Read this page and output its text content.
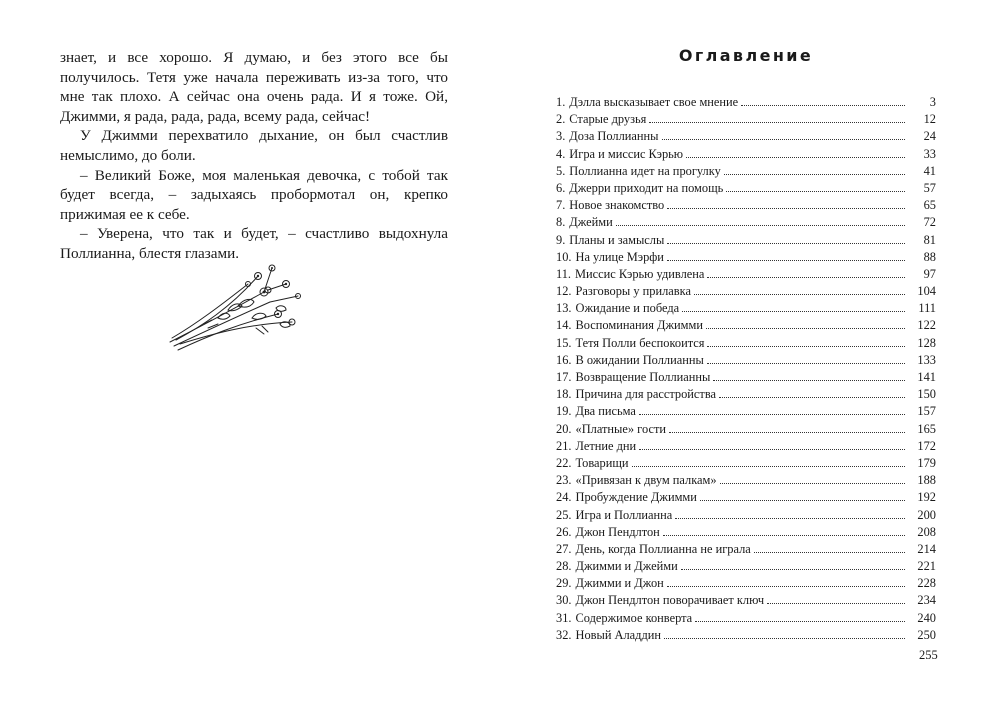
знает, и все хорошо. Я думаю, и без этого все бы получилось. Тетя уже начала переживать из-за того, что мне так плохо. А сейчас она очень рада. И я тоже. Ой, Джимми, я рада, рада, рада, всему рада, сейчас!

У Джимми перехватило дыхание, он был счастлив немыслимо, до боли.

– Великий Боже, моя маленькая девочка, с тобой так будет всегда, – задыхаясь пробормотал он, крепко прижимая ее к себе.

– Уверена, что так и будет, – счастливо выдохнула Поллианна, блестя глазами.

Оглавление
1. Дэлла высказывает свое мнение	3
2. Старые друзья	12
3. Доза Поллианны	24
4. Игра и миссис Кэрью	33
5. Поллианна идет на прогулку	41
6. Джерри приходит на помощь	57
7. Новое знакомство	65
8. Джейми	72
9. Планы и замыслы	81
10. На улице Мэрфи	88
11. Миссис Кэрью удивлена	97
12. Разговоры у прилавка	104
13. Ожидание и победа	111
14. Воспоминания Джимми	122
15. Тетя Полли беспокоится	128
16. В ожидании Поллианны	133
17. Возвращение Поллианны	141
18. Причина для расстройства	150
19. Два письма	157
20. «Платные» гости	165
21. Летние дни	172
22. Товарищи	179
23. «Привязан к двум палкам»	188
24. Пробуждение Джимми	192
25. Игра и Поллианна	200
26. Джон Пендлтон	208
27. День, когда Поллианна не играла	214
28. Джимми и Джейми	221
29. Джимми и Джон	228
30. Джон Пендлтон поворачивает ключ	234
31. Содержимое конверта	240
32. Новый Аладдин	250
255
